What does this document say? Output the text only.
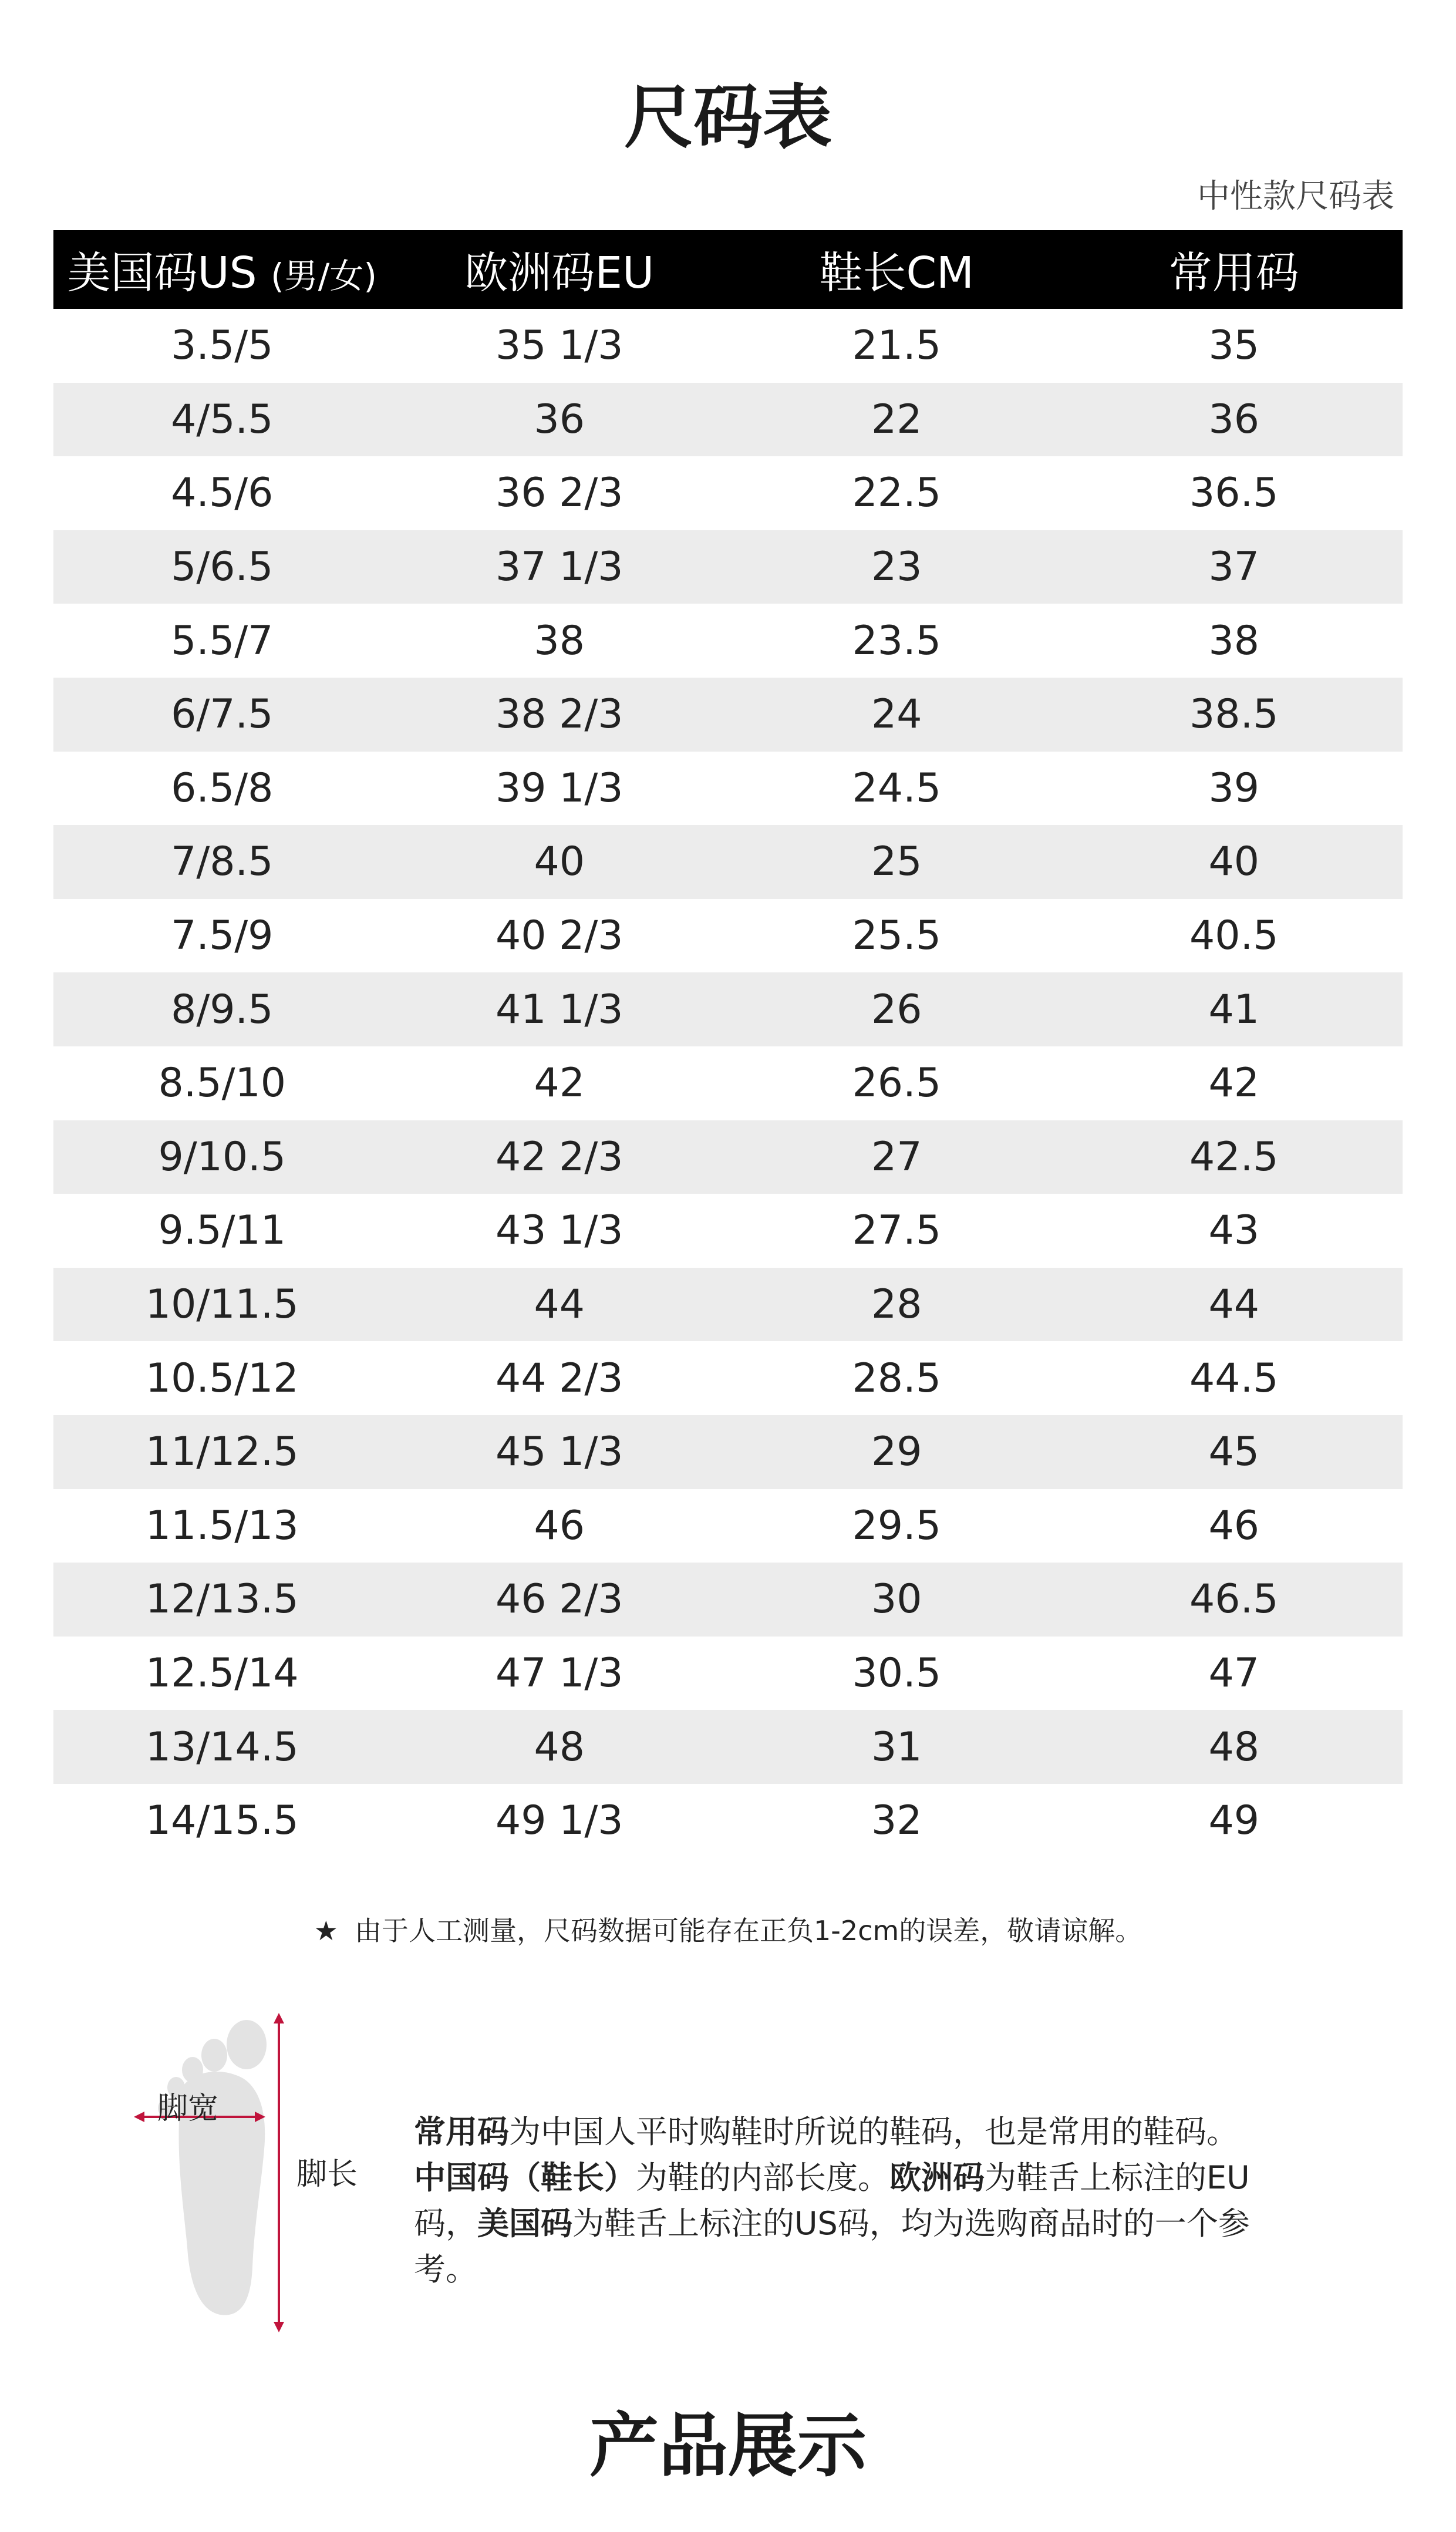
尺码表
中性款尺码表
美国码US (男/女)	欧洲码EU	鞋长CM	常用码
3.5/5	35 1/3	21.5	35
4/5.5	36	22	36
4.5/6	36 2/3	22.5	36.5
5/6.5	37 1/3	23	37
5.5/7	38	23.5	38
6/7.5	38 2/3	24	38.5
6.5/8	39 1/3	24.5	39
7/8.5	40	25	40
7.5/9	40 2/3	25.5	40.5
8/9.5	41 1/3	26	41
8.5/10	42	26.5	42
9/10.5	42 2/3	27	42.5
9.5/11	43 1/3	27.5	43
10/11.5	44	28	44
10.5/12	44 2/3	28.5	44.5
11/12.5	45 1/3	29	45
11.5/13	46	29.5	46
12/13.5	46 2/3	30	46.5
12.5/14	47 1/3	30.5	47
13/14.5	48	31	48
14/15.5	49 1/3	32	49
★ 由于人工测量，尺码数据可能存在正负1-2cm的误差，敬请谅解。
脚宽
脚长
常用码为中国人平时购鞋时所说的鞋码，也是常用的鞋码。
中国码（鞋长）为鞋的内部长度。欧洲码为鞋舌上标注的EU码，美国码为鞋舌上标注的US码，均为选购商品时的一个参考。
产品展示
